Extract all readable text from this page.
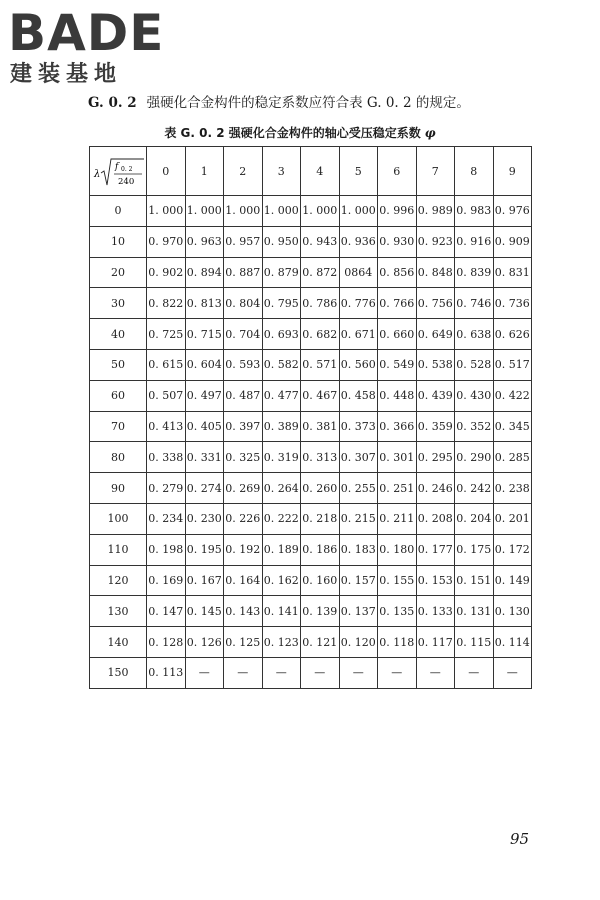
BADE
建装基地
G. 0. 2 强硬化合金构件的稳定系数应符合表 G. 0. 2 的规定。
表 G. 0. 2 强硬化合金构件的轴心受压稳定系数 φ
λ
f 0. 2
240	0	1	2	3	4	5	6	7	8	9
0	1. 000	1. 000	1. 000	1. 000	1. 000	1. 000	0. 996	0. 989	0. 983	0. 976
10	0. 970	0. 963	0. 957	0. 950	0. 943	0. 936	0. 930	0. 923	0. 916	0. 909
20	0. 902	0. 894	0. 887	0. 879	0. 872	0864	0. 856	0. 848	0. 839	0. 831
30	0. 822	0. 813	0. 804	0. 795	0. 786	0. 776	0. 766	0. 756	0. 746	0. 736
40	0. 725	0. 715	0. 704	0. 693	0. 682	0. 671	0. 660	0. 649	0. 638	0. 626
50	0. 615	0. 604	0. 593	0. 582	0. 571	0. 560	0. 549	0. 538	0. 528	0. 517
60	0. 507	0. 497	0. 487	0. 477	0. 467	0. 458	0. 448	0. 439	0. 430	0. 422
70	0. 413	0. 405	0. 397	0. 389	0. 381	0. 373	0. 366	0. 359	0. 352	0. 345
80	0. 338	0. 331	0. 325	0. 319	0. 313	0. 307	0. 301	0. 295	0. 290	0. 285
90	0. 279	0. 274	0. 269	0. 264	0. 260	0. 255	0. 251	0. 246	0. 242	0. 238
100	0. 234	0. 230	0. 226	0. 222	0. 218	0. 215	0. 211	0. 208	0. 204	0. 201
110	0. 198	0. 195	0. 192	0. 189	0. 186	0. 183	0. 180	0. 177	0. 175	0. 172
120	0. 169	0. 167	0. 164	0. 162	0. 160	0. 157	0. 155	0. 153	0. 151	0. 149
130	0. 147	0. 145	0. 143	0. 141	0. 139	0. 137	0. 135	0. 133	0. 131	0. 130
140	0. 128	0. 126	0. 125	0. 123	0. 121	0. 120	0. 118	0. 117	0. 115	0. 114
150	0. 113	—	—	—	—	—	—	—	—	—
95
